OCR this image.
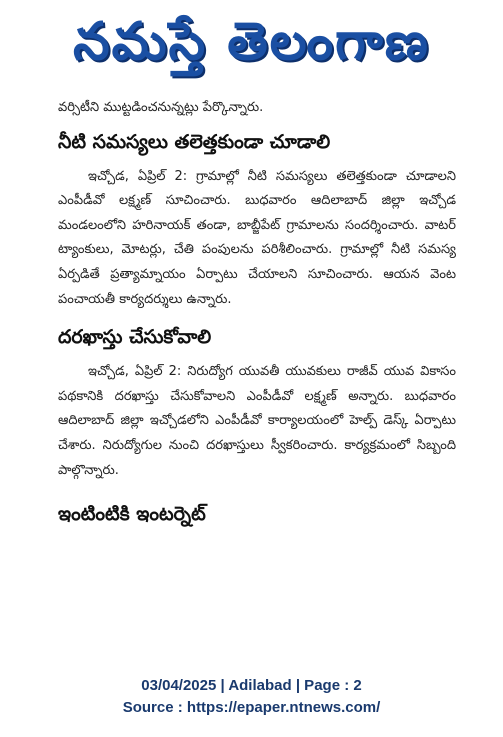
నమస్తే తెలంగాణ

వర్సిటీని ముట్టడించనున్నట్లు పేర్కొన్నారు.

నీటి సమస్యలు తలెత్తకుండా చూడాలి

ఇచ్చోడ, ఏప్రిల్ 2: గ్రామాల్లో నీటి సమస్యలు తలెత్తకుండా చూడాలని ఎంపీడీవో లక్ష్మణ్ సూచించారు. బుధవారం ఆదిలాబాద్ జిల్లా ఇచ్చోడ మండలంలోని హరినాయక్ తండా, బాబ్జీపేట్ గ్రామాలను సందర్శించారు. వాటర్ ట్యాంకులు, మోటర్లు, చేతి పంపులను పరిశీలించారు. గ్రామాల్లో నీటి సమస్య ఏర్పడితే ప్రత్యామ్నాయం ఏర్పాటు చేయాలని సూచించారు. ఆయన వెంట పంచాయతీ కార్యదర్శులు ఉన్నారు.

దరఖాస్తు చేసుకోవాలి

ఇచ్చోడ, ఏప్రిల్ 2: నిరుద్యోగ యువతీ యువకులు రాజీవ్ యువ వికాసం పథకానికి దరఖాస్తు చేసుకోవాలని ఎంపీడీవో లక్ష్మణ్ అన్నారు. బుధవారం ఆదిలాబాద్ జిల్లా ఇచ్చోడలోని ఎంపీడీవో కార్యాలయంలో హెల్ప్ డెస్క్ ఏర్పాటు చేశారు. నిరుద్యోగుల నుంచి దరఖాస్తులు స్వీకరించారు. కార్యక్రమంలో సిబ్బంది పాల్గొన్నారు.

ఇంటింటికి ఇంటర్నెట్
03/04/2025 | Adilabad | Page : 2
Source : https://epaper.ntnews.com/
